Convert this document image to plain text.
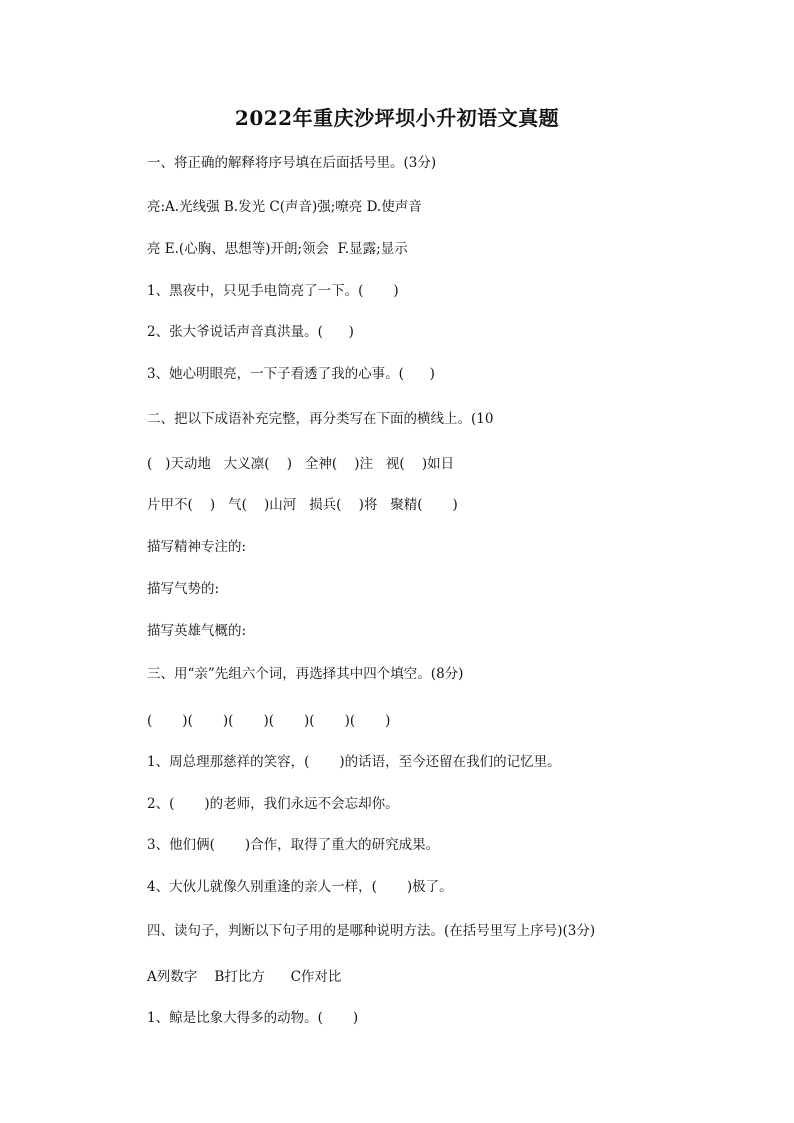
2022年重庆沙坪坝小升初语文真题
一、将正确的解释将序号填在后面括号里。(3分)
亮:A.光线强 B.发光 C(声音)强;嘹亮 D.使声音
亮 E.(心胸、思想等)开朗;领会  F.显露;显示
1、黑夜中，只见手电筒亮了一下。(       )
2、张大爷说话声音真洪量。(      )
3、她心明眼亮，一下子看透了我的心事。(      )
二、把以下成语补充完整，再分类写在下面的横线上。(10
(   )天动地   大义凛(    )   全神(    )注   视(    )如日
片甲不(    )   气(    )山河   损兵(    )将   聚精(       )
描写精神专注的:
描写气势的:
描写英雄气概的:
三、用“亲”先组六个词，再选择其中四个填空。(8分)
(       )(       )(       )(       )(       )(       )
1、周总理那慈祥的笑容，(       )的话语，至今还留在我们的记忆里。
2、(       )的老师，我们永远不会忘却你。
3、他们俩(       )合作，取得了重大的研究成果。
4、大伙儿就像久别重逢的亲人一样，(       )极了。
四、读句子，判断以下句子用的是哪种说明方法。(在括号里写上序号)(3分)
A列数字    B打比方      C作对比
1、鲸是比象大得多的动物。(       )
